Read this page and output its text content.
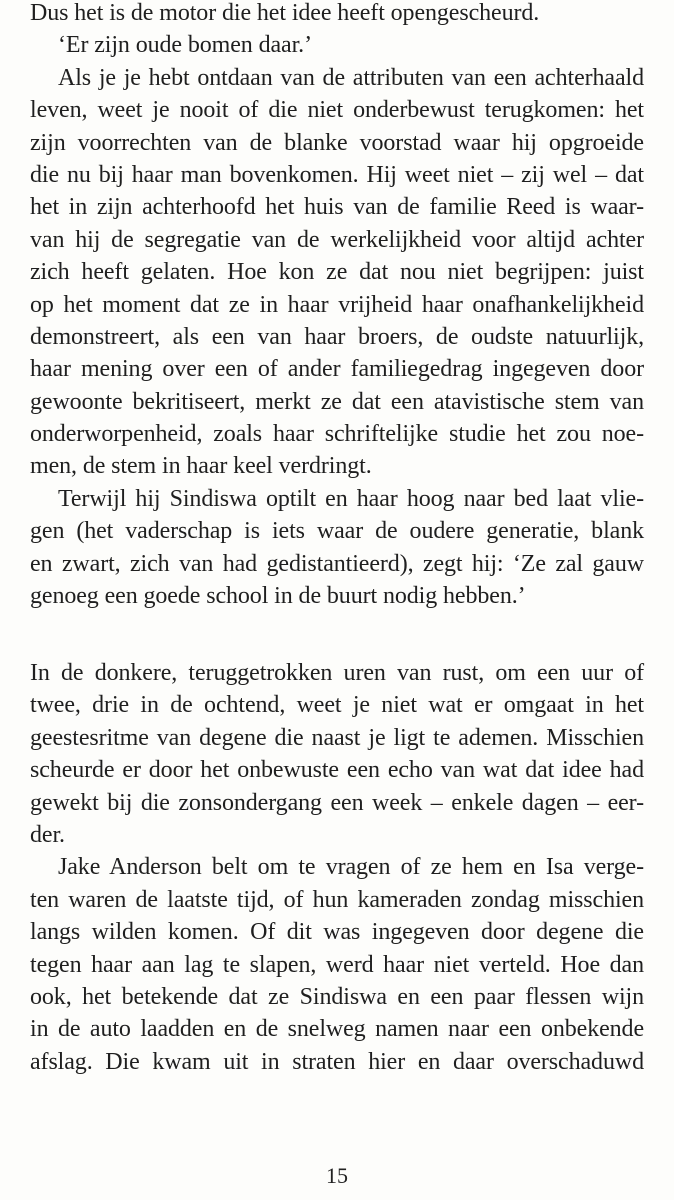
Dus het is de motor die het idee heeft opengescheurd.
‘Er zijn oude bomen daar.’
Als je je hebt ontdaan van de attributen van een achterhaald
leven, weet je nooit of die niet onderbewust terugkomen: het
zijn voorrechten van de blanke voorstad waar hij opgroeide
die nu bij haar man bovenkomen. Hij weet niet – zij wel – dat
het in zijn achterhoofd het huis van de familie Reed is waar-
van hij de segregatie van de werkelijkheid voor altijd achter
zich heeft gelaten. Hoe kon ze dat nou niet begrijpen: juist
op het moment dat ze in haar vrijheid haar onafhankelijkheid
demonstreert, als een van haar broers, de oudste natuurlijk,
haar mening over een of ander familiegedrag ingegeven door
gewoonte bekritiseert, merkt ze dat een atavistische stem van
onderworpenheid, zoals haar schriftelijke studie het zou noe-
men, de stem in haar keel verdringt.
Terwijl hij Sindiswa optilt en haar hoog naar bed laat vlie-
gen (het vaderschap is iets waar de oudere generatie, blank
en zwart, zich van had gedistantieerd), zegt hij: ‘Ze zal gauw
genoeg een goede school in de buurt nodig hebben.’
In de donkere, teruggetrokken uren van rust, om een uur of
twee, drie in de ochtend, weet je niet wat er omgaat in het
geestesritme van degene die naast je ligt te ademen. Misschien
scheurde er door het onbewuste een echo van wat dat idee had
gewekt bij die zonsondergang een week – enkele dagen – eer-
der.
Jake Anderson belt om te vragen of ze hem en Isa verge-
ten waren de laatste tijd, of hun kameraden zondag misschien
langs wilden komen. Of dit was ingegeven door degene die
tegen haar aan lag te slapen, werd haar niet verteld. Hoe dan
ook, het betekende dat ze Sindiswa en een paar flessen wijn
in de auto laadden en de snelweg namen naar een onbekende
afslag. Die kwam uit in straten hier en daar overschaduwd
15
